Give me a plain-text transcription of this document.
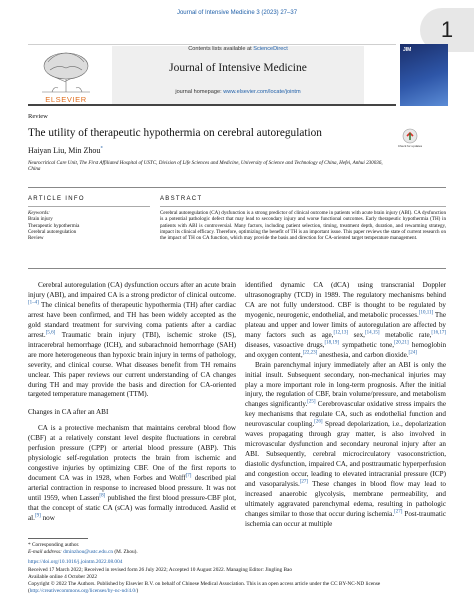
Journal of Intensive Medicine 3 (2023) 27–37
1
ELSEVIER
Contents lists available at ScienceDirect
Journal of Intensive Medicine
journal homepage: www.elsevier.com/locate/jointm
JIM
Review
The utility of therapeutic hypothermia on cerebral autoregulation
Check for updates
Haiyan Liu, Min Zhou*
Neurocritical Care Unit, The First Affiliated Hospital of USTC, Division of Life Sciences and Medicine, University of Science and Technology of China, Hefei, Anhui 230036, China
ARTICLE INFO	ABSTRACT
Keywords:
Brain injury
Therapeutic hypothermia
Cerebral autoregulation
Review
Cerebral autoregulation (CA) dysfunction is a strong predictor of clinical outcome in patients with acute brain injury (ABI). CA dysfunction is a potential pathologic defect that may lead to secondary injury and worse functional outcomes. Early therapeutic hypothermia (TH) in patients with ABI is controversial. Many factors, including patient selection, timing, treatment depth, duration, and rewarming strategy, impact its clinical efficacy. Therefore, optimizing the benefit of TH is an important issue. This paper reviews the state of current research on the impact of TH on CA function, which may provide the basis and direction for CA-oriented target temperature management.

Cerebral autoregulation (CA) dysfunction occurs after an acute brain injury (ABI), and impaired CA is a strong predictor of clinical outcome.[1–4] The clinical benefits of therapeutic hypothermia (TH) after cardiac arrest have been confirmed, and TH has been widely accepted as the gold standard treatment for surviving coma patients after a cardiac arrest.[5,6] Traumatic brain injury (TBI), ischemic stroke (IS), intracerebral hemorrhage (ICH), and subarachnoid hemorrhage (SAH) are more heterogeneous than hypoxic brain injury in terms of pathology, severity, and clinical course. What diseases benefit from TH remains unclear. This paper reviews our current understanding of CA changes during TH and may provide the basis and direction for CA-oriented targeted temperature management (TTM).

Changes in CA after an ABI

CA is a protective mechanism that maintains cerebral blood flow (CBF) at a relatively constant level despite fluctuations in cerebral perfusion pressure (CPP) or arterial blood pressure (ABP). This physiologic self-regulation protects the brain from ischemic and congestive injuries by optimizing CBF. One of the first reports to document CA was in 1928, when Forbes and Wolff[7] described pial arterial contraction in response to increased blood pressure. It was not until 1959, when Lassen[8] published the first blood pressure-CBF plot, that the concept of static CA (sCA) was formally introduced. Aaslid et al.[9] now

identified dynamic CA (dCA) using transcranial Doppler ultrasonography (TCD) in 1989. The regulatory mechanisms behind CA are not fully understood. CBF is thought to be regulated by myogenic, neurogenic, endothelial, and metabolic processes.[10,11] The plateau and upper and lower limits of autoregulation are affected by many factors such as age,[12,13] sex,[14,15] metabolic rate,[16,17] diseases, vasoactive drugs,[18,19] sympathetic tone,[20,21] hemoglobin and oxygen content,[22,23] anesthesia, and carbon dioxide.[24]

Brain parenchymal injury immediately after an ABI is only the initial insult. Subsequent secondary, non-mechanical injuries may play a more important role in long-term prognosis. After the initial injury, the regulation of CBF, brain volume/pressure, and metabolism changes significantly.[25] Cerebrovascular oxidative stress impairs the key mechanisms that regulate CA, such as endothelial function and neurovascular coupling.[26] Spread depolarization, i.e., depolarization waves propagating through gray matter, is also involved in microvascular dysfunction and secondary neuronal injury after an ABI. Subsequently, cerebral microcirculatory vasoconstriction, diastolic dysfunction, impaired CA, and posttraumatic hyperperfusion and congestion occur, leading to elevated intracranial pressure (ICP) and vasoparalysis.[27] These changes in blood flow may lead to increased anaerobic glycolysis, membrane permeability, and ultimately aggravated parenchymal edema, resulting in pathologic changes similar to those that occur during ischemia.[27] Post-traumatic ischemia can occur at multiple

* Corresponding author.
E-mail address: dminzhou@ustc.edu.cn (M. Zhou).
https://doi.org/10.1016/j.jointm.2022.08.004
Received 17 March 2022; Received in revised form 26 July 2022; Accepted 10 August 2022. Managing Editor: Jingling Bao
Available online 4 October 2022
Copyright © 2022 The Authors. Published by Elsevier B.V. on behalf of Chinese Medical Association. This is an open access article under the CC BY-NC-ND license (http://creativecommons.org/licenses/by-nc-nd/4.0/)
